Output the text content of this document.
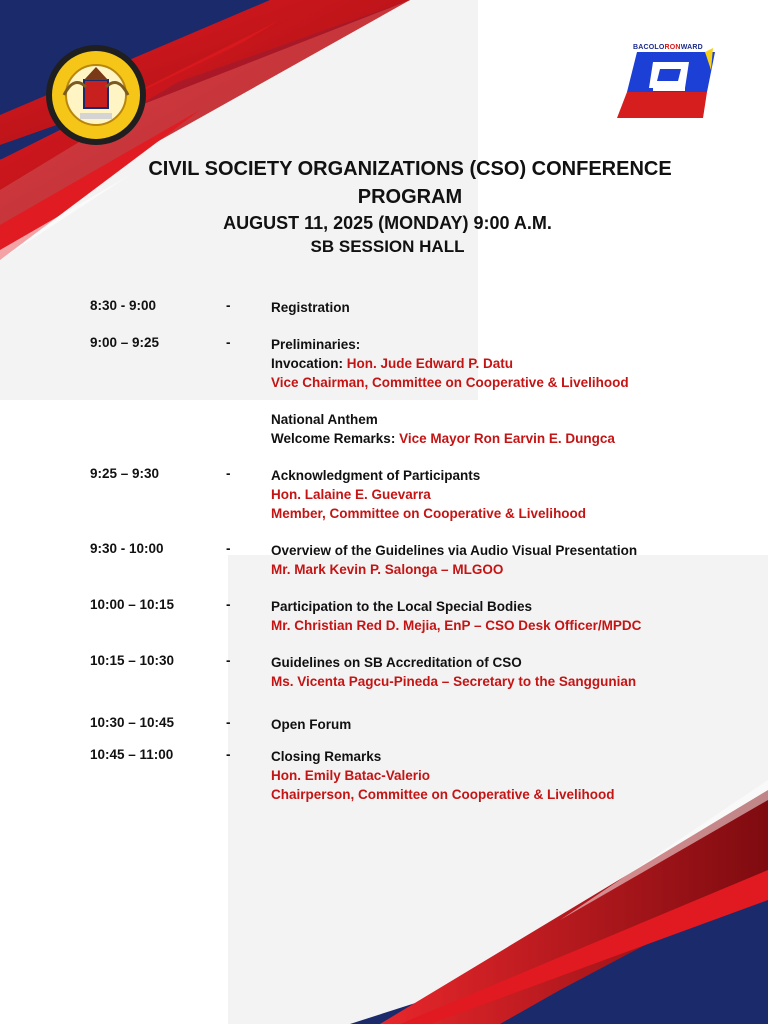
BACOLORONWARD
CIVIL SOCIETY ORGANIZATIONS (CSO) CONFERENCE
PROGRAM
AUGUST 11, 2025 (MONDAY) 9:00 A.M.
SB SESSION HALL
8:30 - 9:00	-	Registration
9:00 – 9:25	-	Preliminaries:
Invocation: Hon. Jude Edward P. Datu
Vice Chairman, Committee on Cooperative & Livelihood
National Anthem
Welcome Remarks: Vice Mayor Ron Earvin E. Dungca
9:25 – 9:30	-	Acknowledgment of Participants
Hon. Lalaine E. Guevarra
Member, Committee on Cooperative & Livelihood
9:30 - 10:00	-	Overview of the Guidelines via Audio Visual Presentation
Mr. Mark Kevin P. Salonga – MLGOO
10:00 – 10:15	-	Participation to the Local Special Bodies
Mr. Christian Red D. Mejia, EnP – CSO Desk Officer/MPDC
10:15 – 10:30	-	Guidelines on SB Accreditation of CSO
Ms. Vicenta Pagcu-Pineda – Secretary to the Sanggunian
10:30 – 10:45	-	Open Forum
10:45 – 11:00	-	Closing Remarks
Hon. Emily Batac-Valerio
Chairperson, Committee on Cooperative & Livelihood
